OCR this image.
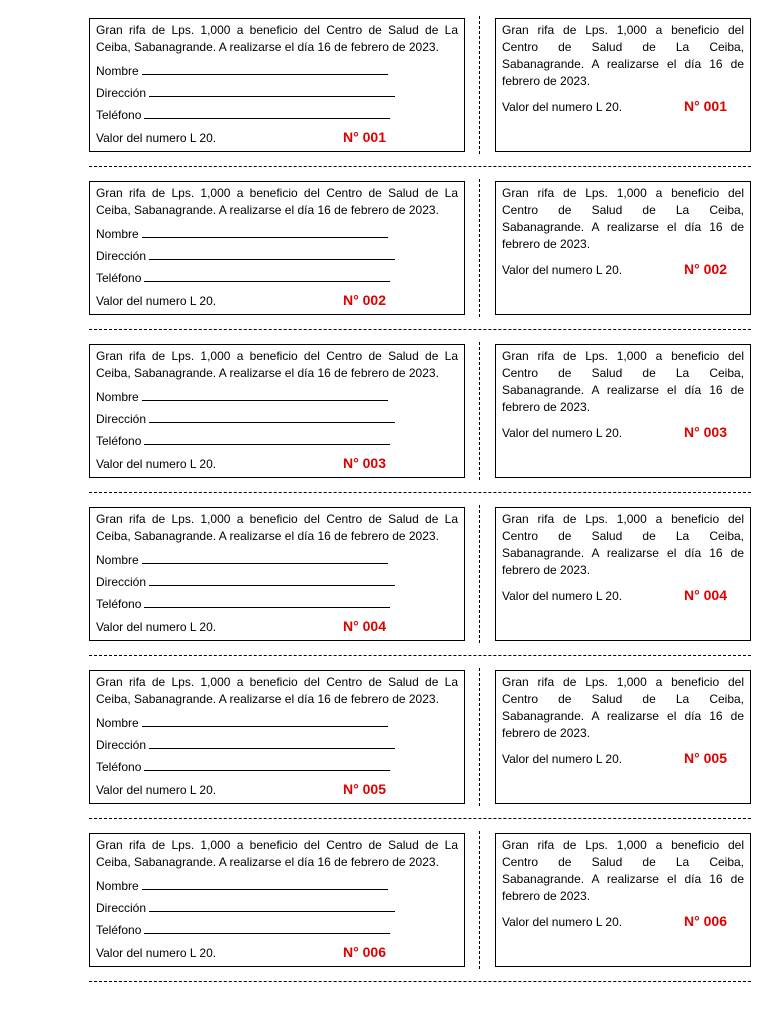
Gran rifa de Lps. 1,000 a beneficio del Centro de Salud de La Ceiba, Sabanagrande. A realizarse el día 16 de febrero de 2023.

Nombre
Dirección
Teléfono
Valor del numero L 20.	N° 001

Gran rifa de Lps. 1,000 a beneficio del Centro de Salud de La Ceiba, Sabanagrande. A realizarse el día 16 de febrero de 2023.

Valor del numero L 20.	N° 001

Gran rifa de Lps. 1,000 a beneficio del Centro de Salud de La Ceiba, Sabanagrande. A realizarse el día 16 de febrero de 2023.

Nombre
Dirección
Teléfono
Valor del numero L 20.	N° 002

Gran rifa de Lps. 1,000 a beneficio del Centro de Salud de La Ceiba, Sabanagrande. A realizarse el día 16 de febrero de 2023.

Valor del numero L 20.	N° 002

Gran rifa de Lps. 1,000 a beneficio del Centro de Salud de La Ceiba, Sabanagrande. A realizarse el día 16 de febrero de 2023.

Nombre
Dirección
Teléfono
Valor del numero L 20.	N° 003

Gran rifa de Lps. 1,000 a beneficio del Centro de Salud de La Ceiba, Sabanagrande. A realizarse el día 16 de febrero de 2023.

Valor del numero L 20.	N° 003

Gran rifa de Lps. 1,000 a beneficio del Centro de Salud de La Ceiba, Sabanagrande. A realizarse el día 16 de febrero de 2023.

Nombre
Dirección
Teléfono
Valor del numero L 20.	N° 004

Gran rifa de Lps. 1,000 a beneficio del Centro de Salud de La Ceiba, Sabanagrande. A realizarse el día 16 de febrero de 2023.

Valor del numero L 20.	N° 004

Gran rifa de Lps. 1,000 a beneficio del Centro de Salud de La Ceiba, Sabanagrande. A realizarse el día 16 de febrero de 2023.

Nombre
Dirección
Teléfono
Valor del numero L 20.	N° 005

Gran rifa de Lps. 1,000 a beneficio del Centro de Salud de La Ceiba, Sabanagrande. A realizarse el día 16 de febrero de 2023.

Valor del numero L 20.	N° 005

Gran rifa de Lps. 1,000 a beneficio del Centro de Salud de La Ceiba, Sabanagrande. A realizarse el día 16 de febrero de 2023.

Nombre
Dirección
Teléfono
Valor del numero L 20.	N° 006

Gran rifa de Lps. 1,000 a beneficio del Centro de Salud de La Ceiba, Sabanagrande. A realizarse el día 16 de febrero de 2023.

Valor del numero L 20.	N° 006
